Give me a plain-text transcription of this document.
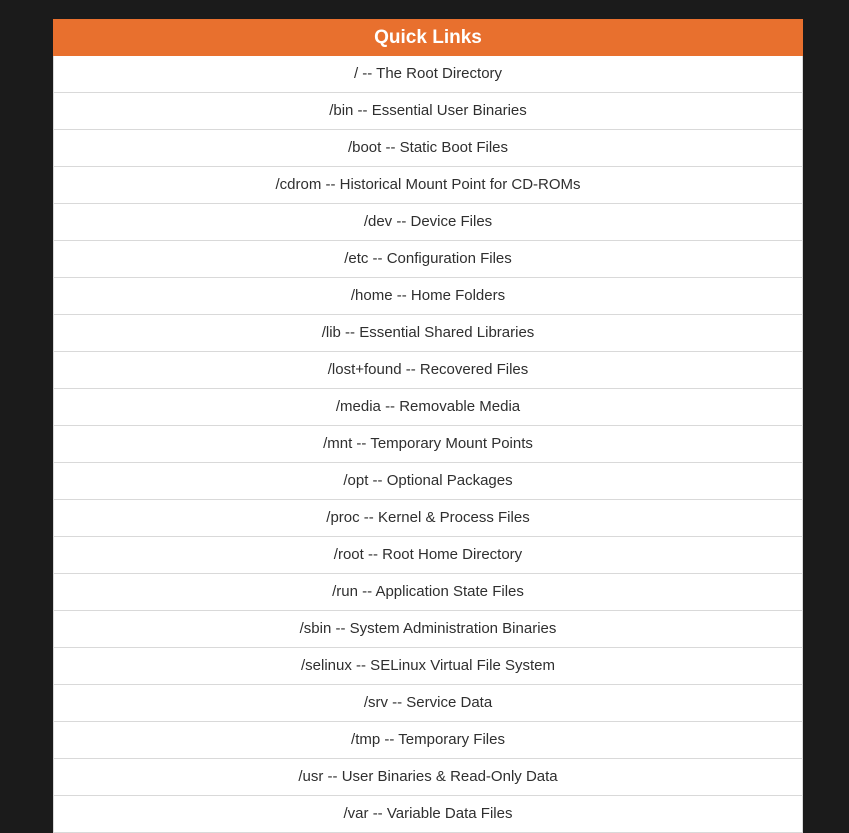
Quick Links

/ -- The Root Directory

/bin -- Essential User Binaries

/boot -- Static Boot Files

/cdrom -- Historical Mount Point for CD-ROMs

/dev -- Device Files

/etc -- Configuration Files

/home -- Home Folders

/lib -- Essential Shared Libraries

/lost+found -- Recovered Files

/media -- Removable Media

/mnt -- Temporary Mount Points

/opt -- Optional Packages

/proc -- Kernel & Process Files

/root -- Root Home Directory

/run -- Application State Files

/sbin -- System Administration Binaries

/selinux -- SELinux Virtual File System

/srv -- Service Data

/tmp -- Temporary Files

/usr -- User Binaries & Read-Only Data

/var -- Variable Data Files
